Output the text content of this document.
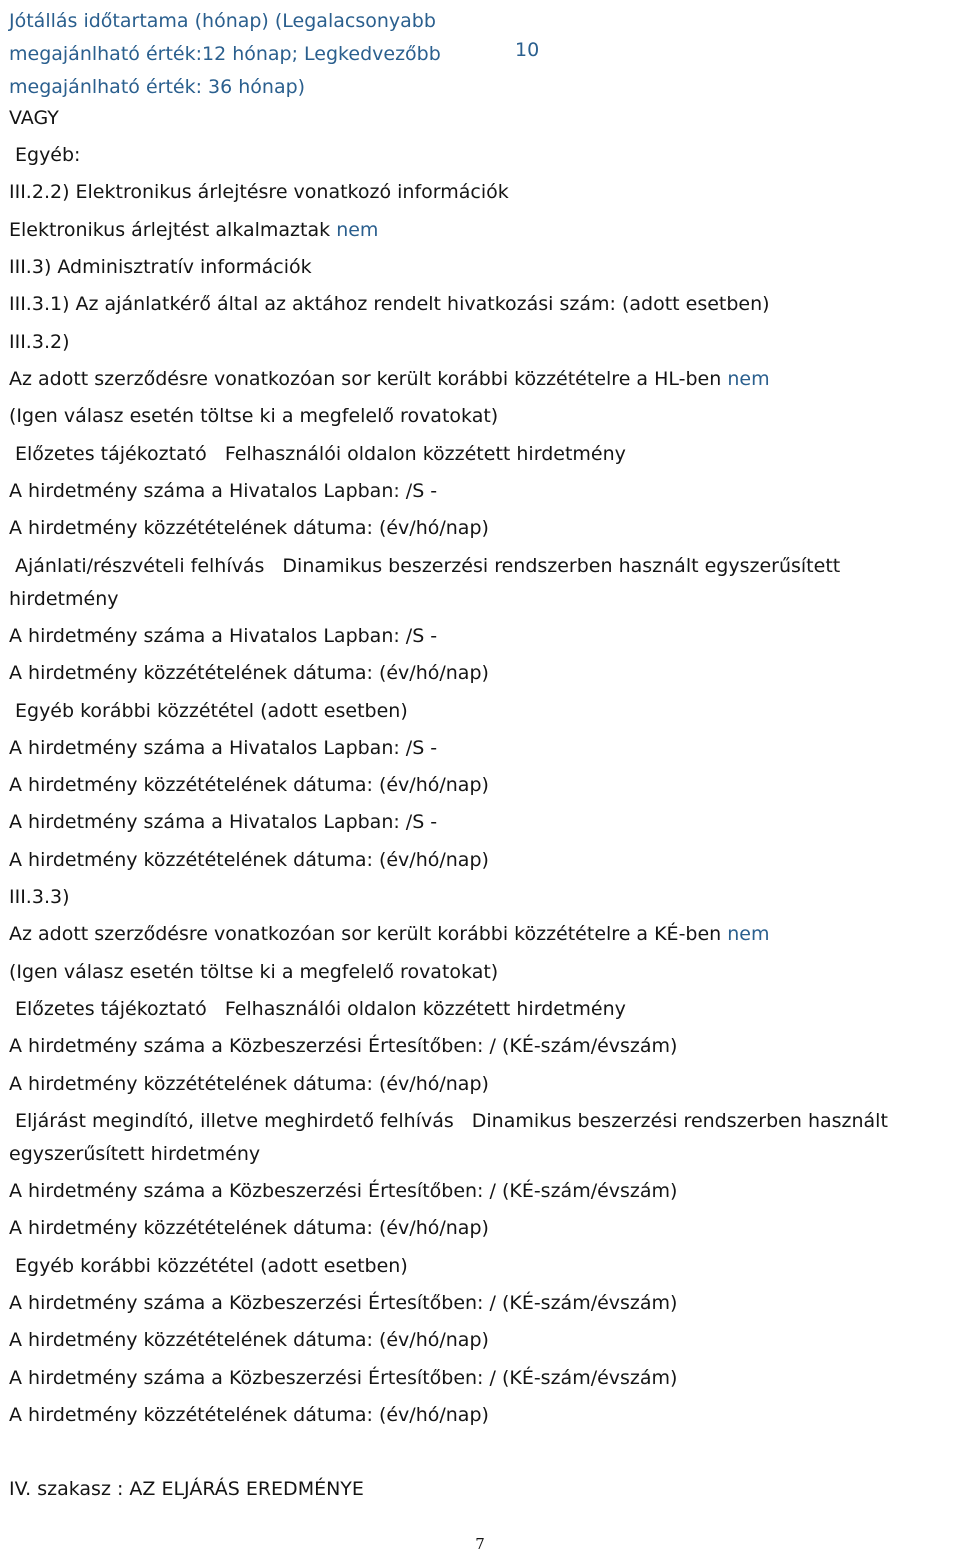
Jótállás időtartama (hónap) (Legalacsonyabb megajánlható érték:12 hónap; Legkedvezőbb megajánlható érték: 36 hónap)
10
VAGY
Egyéb:
III.2.2) Elektronikus árlejtésre vonatkozó információk
Elektronikus árlejtést alkalmaztak nem
III.3) Adminisztratív információk
III.3.1) Az ajánlatkérő által az aktához rendelt hivatkozási szám: (adott esetben)
III.3.2)
Az adott szerződésre vonatkozóan sor került korábbi közzétételre a HL-ben nem
(Igen válasz esetén töltse ki a megfelelő rovatokat)
Előzetes tájékoztató Felhasználói oldalon közzétett hirdetmény
A hirdetmény száma a Hivatalos Lapban: /S -
A hirdetmény közzétételének dátuma: (év/hó/nap)
Ajánlati/részvételi felhívás Dinamikus beszerzési rendszerben használt egyszerűsített
hirdetmény
A hirdetmény száma a Hivatalos Lapban: /S -
A hirdetmény közzétételének dátuma: (év/hó/nap)
Egyéb korábbi közzététel (adott esetben)
A hirdetmény száma a Hivatalos Lapban: /S -
A hirdetmény közzétételének dátuma: (év/hó/nap)
A hirdetmény száma a Hivatalos Lapban: /S -
A hirdetmény közzétételének dátuma: (év/hó/nap)
III.3.3)
Az adott szerződésre vonatkozóan sor került korábbi közzétételre a KÉ-ben nem
(Igen válasz esetén töltse ki a megfelelő rovatokat)
Előzetes tájékoztató Felhasználói oldalon közzétett hirdetmény
A hirdetmény száma a Közbeszerzési Értesítőben: / (KÉ-szám/évszám)
A hirdetmény közzétételének dátuma: (év/hó/nap)
Eljárást megindító, illetve meghirdető felhívás Dinamikus beszerzési rendszerben használt
egyszerűsített hirdetmény
A hirdetmény száma a Közbeszerzési Értesítőben: / (KÉ-szám/évszám)
A hirdetmény közzétételének dátuma: (év/hó/nap)
Egyéb korábbi közzététel (adott esetben)
A hirdetmény száma a Közbeszerzési Értesítőben: / (KÉ-szám/évszám)
A hirdetmény közzétételének dátuma: (év/hó/nap)
A hirdetmény száma a Közbeszerzési Értesítőben: / (KÉ-szám/évszám)
A hirdetmény közzétételének dátuma: (év/hó/nap)
IV. szakasz : AZ ELJÁRÁS EREDMÉNYE
7
